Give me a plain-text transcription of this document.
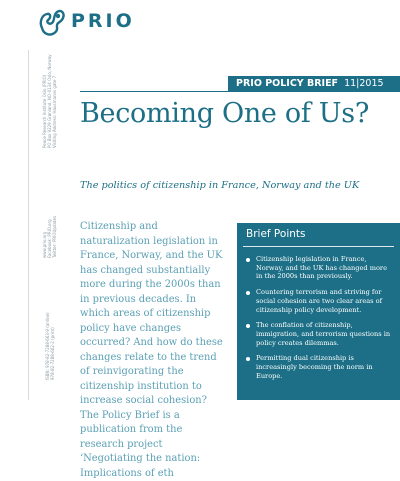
PRIO
Peace Research Institute Oslo (PRIO) PO Box 9229 Grønland, NO-0134 Oslo, Norway Visiting Address: Hausmanns gate 7
www.prio.org Facebook: PRIO.org Twitter: PRIOUpdates
ISBN: 978-82-7288-663-9 (online) 978-82-7288-662-2 (print)
PRIO POLICY BRIEF 11|2015
Becoming One of Us?

The politics of citizenship in France, Norway and the UK

Citizenship and naturalization legislation in France, Norway, and the UK has changed substantially more during the 2000s than in previous decades. In which areas of citizenship policy have changes occurred? And how do these changes relate to the trend of reinvigorating the citizenship institution to increase social cohesion? The Policy Brief is a publication from the research project ‘Negotiating the nation: Implications of eth

Brief Points
Citizenship legislation in France, Norway, and the UK has changed more in the 2000s than previously.
Countering terrorism and striving for social cohesion are two clear areas of citizenship policy development.
The conflation of citizenship, immigration, and terrorism questions in policy creates dilemmas.
Permitting dual citizenship is increasingly becoming the norm in Europe.
